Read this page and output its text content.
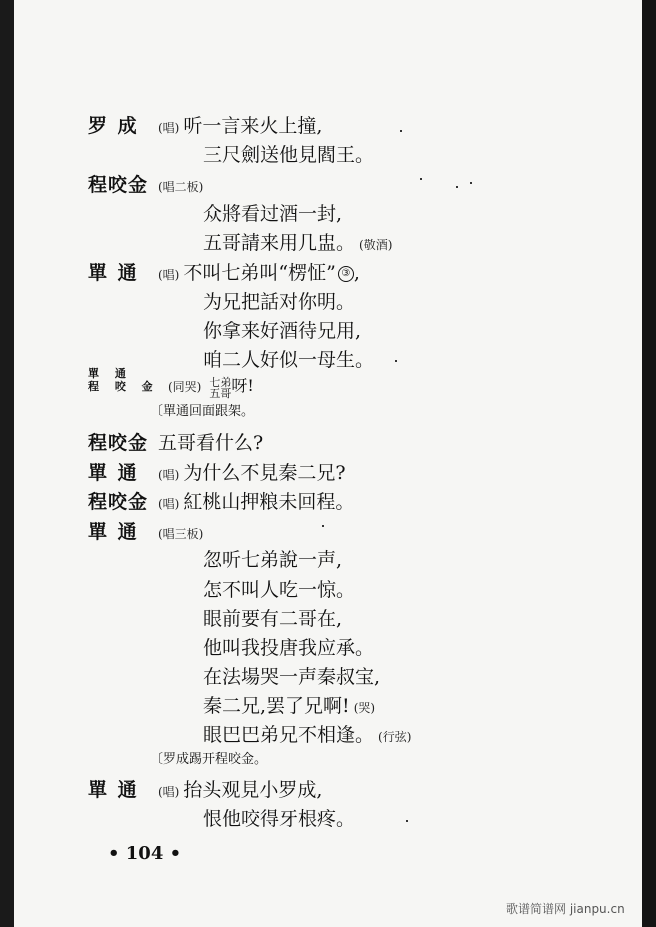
罗 成 (唱) 听一言来火上撞,
三尺劍送他見閻王。
程咬金 (唱二板)
众將看过酒一封,
五哥請来用几盅。 (敬酒)
單 通 (唱) 不叫七弟叫“楞怔” ③ ,
为兄把話对你明。
你拿来好酒待兄用,
咱二人好似一母生。
單 通
程 咬 金 (同哭) 七弟
五哥呀!
〔單通回面跟架。
程咬金 五哥看什么?
單 通 (唱) 为什么不見秦二兄?
程咬金 (唱) 紅桃山押粮未回程。
單 通 (唱三板)
忽听七弟說一声,
怎不叫人吃一惊。
眼前要有二哥在,
他叫我投唐我应承。
在法場哭一声秦叔宝,
秦二兄,罢了兄啊! (哭)
眼巴巴弟兄不相逢。 (行弦)
〔罗成踢开程咬金。
單 通 (唱) 抬头观見小罗成,
恨他咬得牙根疼。
• 104 •
歌谱简谱网 jianpu.cn
